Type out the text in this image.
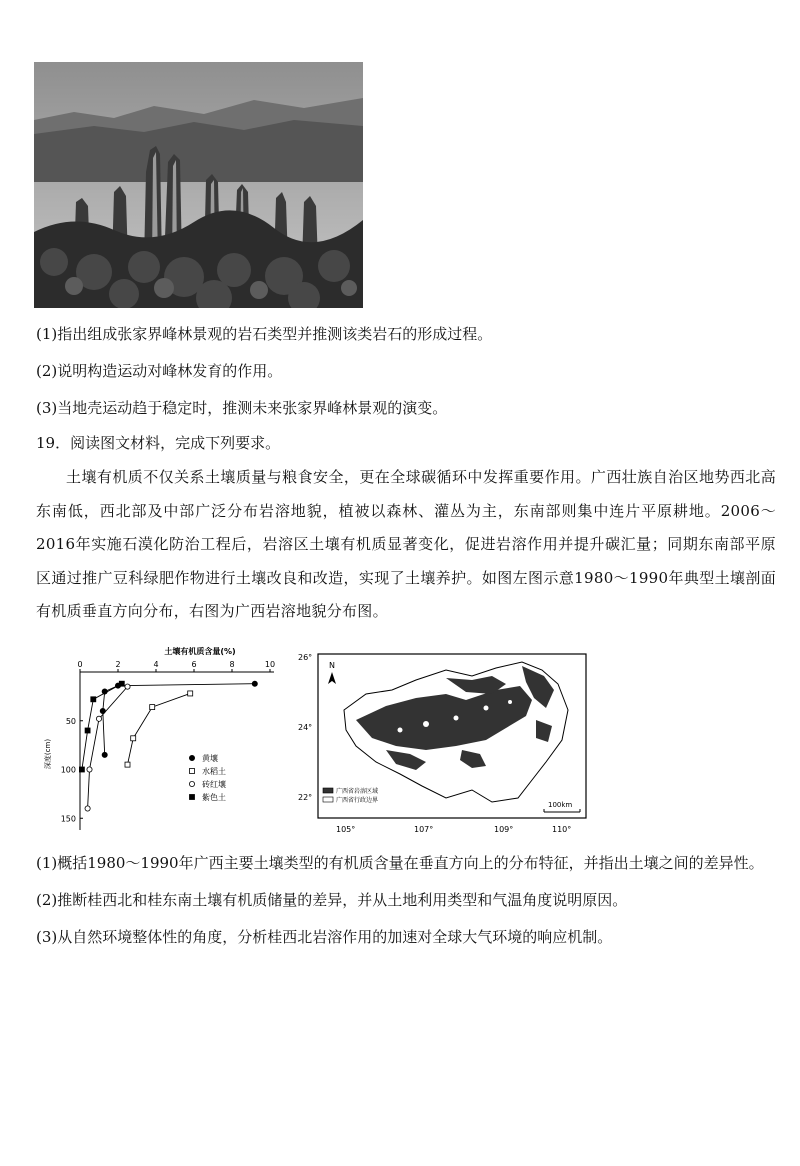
(1)指出组成张家界峰林景观的岩石类型并推测该类岩石的形成过程。
(2)说明构造运动对峰林发育的作用。
(3)当地壳运动趋于稳定时，推测未来张家界峰林景观的演变。
19．阅读图文材料，完成下列要求。
土壤有机质不仅关系土壤质量与粮食安全，更在全球碳循环中发挥重要作用。广西壮族自治区地势西北高东南低，西北部及中部广泛分布岩溶地貌，植被以森林、灌丛为主，东南部则集中连片平原耕地。2006～2016年实施石漠化防治工程后，岩溶区土壤有机质显著变化，促进岩溶作用并提升碳汇量；同期东南部平原区通过推广豆科绿肥作物进行土壤改良和改造，实现了土壤养护。如图左图示意1980～1990年典型土壤剖面有机质垂直方向分布，右图为广西岩溶地貌分布图。
土壤有机质含量(%)
深度(cm)
0	2	4	6	8	10
50
100
150
黄壤
水稻土
砖红壤
紫色土
26°
24°
22°
105°	107°	109°	110°
N
广西省岩溶区域
广西省行政边界
100km
(1)概括1980～1990年广西主要土壤类型的有机质含量在垂直方向上的分布特征，并指出土壤之间的差异性。
(2)推断桂西北和桂东南土壤有机质储量的差异，并从土地利用类型和气温角度说明原因。
(3)从自然环境整体性的角度，分析桂西北岩溶作用的加速对全球大气环境的响应机制。
